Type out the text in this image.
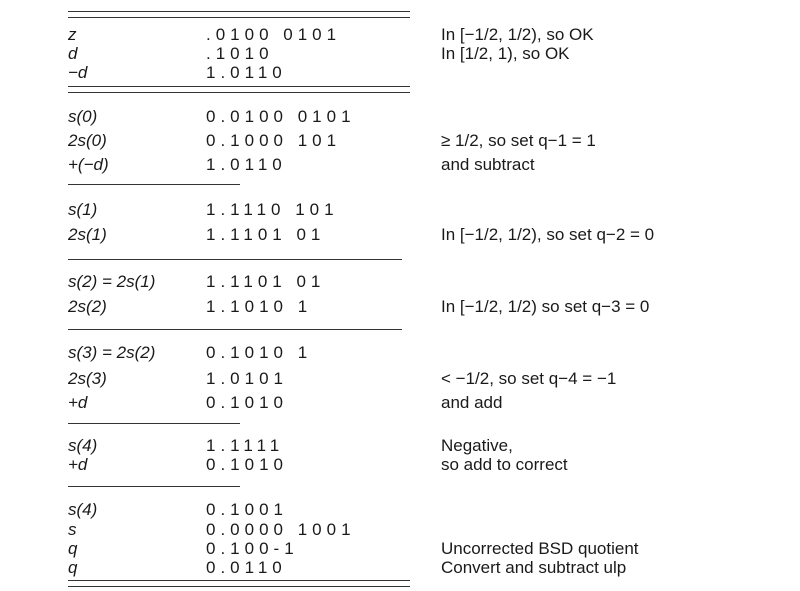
z	.0100 0101	In [−1/2, 1/2), so OK
d	.1010	In [1/2, 1), so OK
−d	1.0110
s(0)	0.0100 0101
2s(0)	0.1000 101	≥ 1/2, so set q−1 = 1
+(−d)	1.0110	and subtract
s(1)	1.1110 101
2s(1)	1.1101 01	In [−1/2, 1/2), so set q−2 = 0
s(2) = 2s(1)	1.1101 01
2s(2)	1.1010 1	In [−1/2, 1/2) so set q−3 = 0
s(3) = 2s(2)	0.1010 1
2s(3)	1.0101	< −1/2, so set q−4 = −1
+d	0.1010	and add
s(4)	1.1111	Negative,
+d	0.1010	so add to correct
s(4)	0.1001
s	0.0000 1001
q	0.100-1	Uncorrected BSD quotient
q	0.0110	Convert and subtract ulp
